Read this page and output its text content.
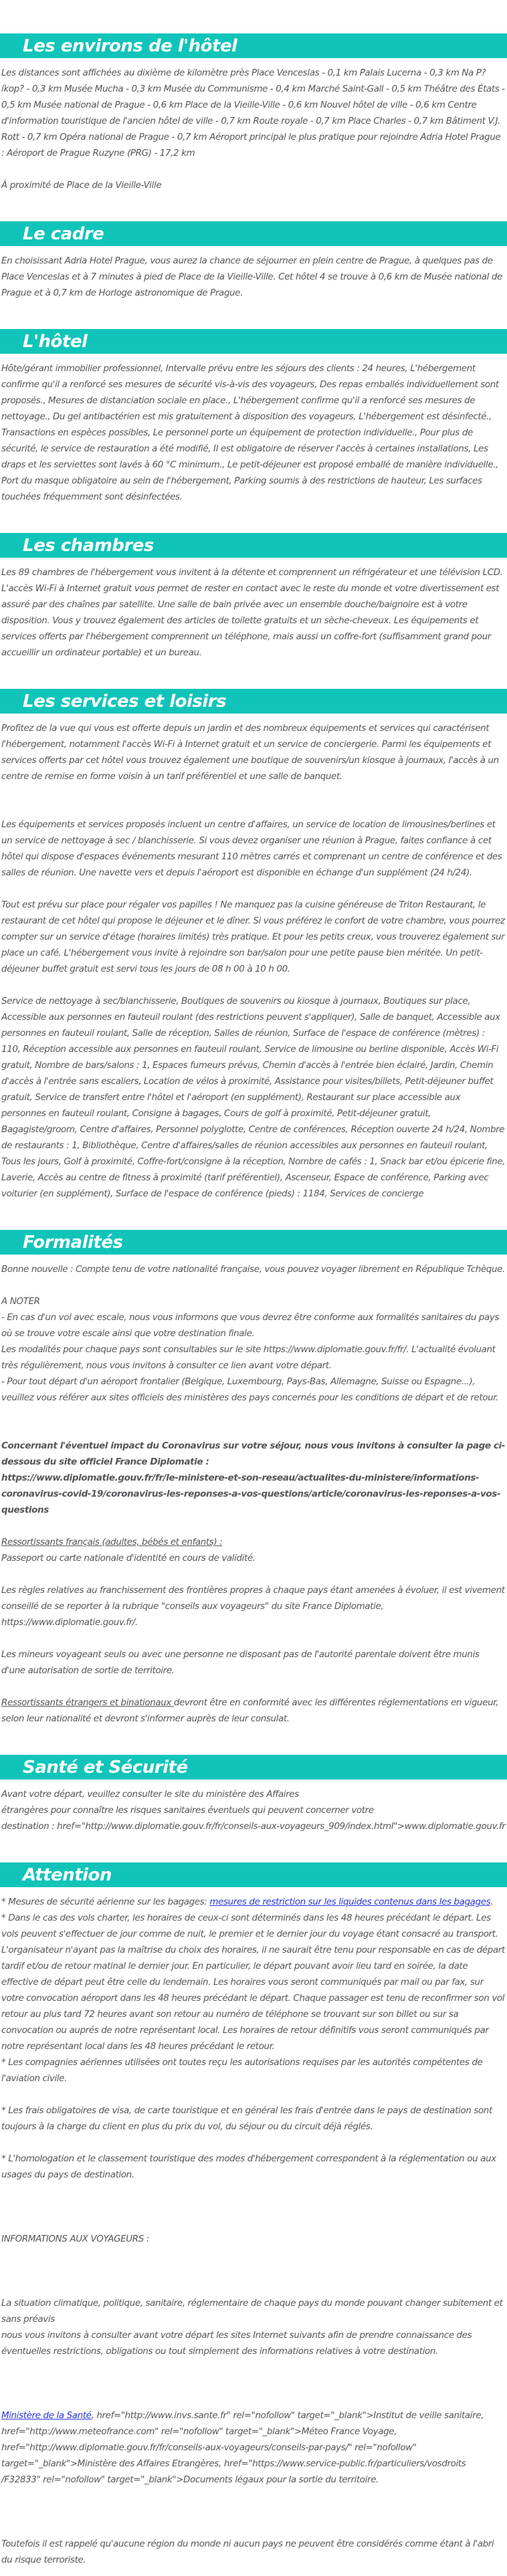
Les environs de l'hôtel

Les distances sont affichées au dixième de kilomètre près Place Venceslas - 0,1 km Palais Lucerna - 0,3 km Na P?íkop? - 0,3 km Musée Mucha - 0,3 km Musée du Communisme - 0,4 km Marché Saint-Gall - 0,5 km Théâtre des États - 0,5 km Musée national de Prague - 0,6 km Place de la Vieille-Ville - 0,6 km Nouvel hôtel de ville - 0,6 km Centre d'information touristique de l'ancien hôtel de ville - 0,7 km Route royale - 0,7 km Place Charles - 0,7 km Bâtiment V.J. Rott - 0,7 km Opéra national de Prague - 0,7 km Aéroport principal le plus pratique pour rejoindre Adria Hotel Prague : Aéroport de Prague Ruzyne (PRG) - 17,2 km

À proximité de Place de la Vieille-Ville

Le cadre

En choisissant Adria Hotel Prague, vous aurez la chance de séjourner en plein centre de Prague, à quelques pas de Place Venceslas et à 7 minutes à pied de Place de la Vieille-Ville. Cet hôtel 4 se trouve à 0,6 km de Musée national de Prague et à 0,7 km de Horloge astronomique de Prague.

L'hôtel

Hôte/gérant immobilier professionnel, Intervalle prévu entre les séjours des clients : 24 heures, L'hébergement confirme qu'il a renforcé ses mesures de sécurité vis-à-vis des voyageurs, Des repas emballés individuellement sont proposés., Mesures de distanciation sociale en place., L'hébergement confirme qu'il a renforcé ses mesures de nettoyage., Du gel antibactérien est mis gratuitement à disposition des voyageurs, L'hébergement est désinfecté., Transactions en espèces possibles, Le personnel porte un équipement de protection individuelle., Pour plus de sécurité, le service de restauration a été modifié, Il est obligatoire de réserver l'accès à certaines installations, Les draps et les serviettes sont lavés à 60 °C minimum., Le petit-déjeuner est proposé emballé de manière individuelle., Port du masque obligatoire au sein de l'hébergement, Parking soumis à des restrictions de hauteur, Les surfaces touchées fréquemment sont désinfectées.

Les chambres

Les 89 chambres de l'hébergement vous invitent à la détente et comprennent un réfrigérateur et une télévision LCD. L'accès Wi-Fi à Internet gratuit vous permet de rester en contact avec le reste du monde et votre divertissement est assuré par des chaînes par satellite. Une salle de bain privée avec un ensemble douche/baignoire est à votre disposition. Vous y trouvez également des articles de toilette gratuits et un sèche-cheveux. Les équipements et services offerts par l'hébergement comprennent un téléphone, mais aussi un coffre-fort (suffisamment grand pour accueillir un ordinateur portable) et un bureau.

Les services et loisirs

Profitez de la vue qui vous est offerte depuis un jardin et des nombreux équipements et services qui caractérisent l'hébergement, notamment l'accès Wi-Fi à Internet gratuit et un service de conciergerie. Parmi les équipements et services offerts par cet hôtel vous trouvez également une boutique de souvenirs/un kiosque à journaux, l'accès à un centre de remise en forme voisin à un tarif préférentiel et une salle de banquet.

Les équipements et services proposés incluent un centre d'affaires, un service de location de limousines/berlines et un service de nettoyage à sec / blanchisserie. Si vous devez organiser une réunion à Prague, faites confiance à cet hôtel qui dispose d'espaces événements mesurant 110 mètres carrés et comprenant un centre de conférence et des salles de réunion. Une navette vers et depuis l'aéroport est disponible en échange d'un supplément (24 h/24).

Tout est prévu sur place pour régaler vos papilles ! Ne manquez pas la cuisine généreuse de Triton Restaurant, le restaurant de cet hôtel qui propose le déjeuner et le dîner. Si vous préférez le confort de votre chambre, vous pourrez compter sur un service d'étage (horaires limités) très pratique. Et pour les petits creux, vous trouverez également sur place un café. L'hébergement vous invite à rejoindre son bar/salon pour une petite pause bien méritée. Un petit-déjeuner buffet gratuit est servi tous les jours de 08 h 00 à 10 h 00.

Service de nettoyage à sec/blanchisserie, Boutiques de souvenirs ou kiosque à journaux, Boutiques sur place, Accessible aux personnes en fauteuil roulant (des restrictions peuvent s'appliquer), Salle de banquet, Accessible aux personnes en fauteuil roulant, Salle de réception, Salles de réunion, Surface de l'espace de conférence (mètres) : 110, Réception accessible aux personnes en fauteuil roulant, Service de limousine ou berline disponible, Accès Wi-Fi gratuit, Nombre de bars/salons : 1, Espaces fumeurs prévus, Chemin d'accès à l'entrée bien éclairé, Jardin, Chemin d'accès à l'entrée sans escaliers, Location de vélos à proximité, Assistance pour visites/billets, Petit-déjeuner buffet gratuit, Service de transfert entre l'hôtel et l'aéroport (en supplément), Restaurant sur place accessible aux personnes en fauteuil roulant, Consigne à bagages, Cours de golf à proximité, Petit-déjeuner gratuit, Bagagiste/groom, Centre d'affaires, Personnel polyglotte, Centre de conférences, Réception ouverte 24 h/24, Nombre de restaurants : 1, Bibliothèque, Centre d'affaires/salles de réunion accessibles aux personnes en fauteuil roulant, Tous les jours, Golf à proximité, Coffre-fort/consigne à la réception, Nombre de cafés : 1, Snack bar et/ou épicerie fine, Laverie, Accès au centre de fitness à proximité (tarif préférentiel), Ascenseur, Espace de conférence, Parking avec voiturier (en supplément), Surface de l'espace de conférence (pieds) : 1184, Services de concierge

Formalités

Bonne nouvelle : Compte tenu de votre nationalité française, vous pouvez voyager librement en République Tchèque.

A NOTER

- En cas d'un vol avec escale, nous vous informons que vous devrez être conforme aux formalités sanitaires du pays où se trouve votre escale ainsi que votre destination finale.

Les modalités pour chaque pays sont consultables sur le site https://www.diplomatie.gouv.fr/fr/. L'actualité évoluant très régulièrement, nous vous invitons à consulter ce lien avant votre départ.

- Pour tout départ d'un aéroport frontalier (Belgique, Luxembourg, Pays-Bas, Allemagne, Suisse ou Espagne...), veuillez vous référer aux sites officiels des ministères des pays concernés pour les conditions de départ et de retour.

Concernant l'éventuel impact du Coronavirus sur votre séjour, nous vous invitons à consulter la page ci-dessous du site officiel France Diplomatie :

https://www.diplomatie.gouv.fr/fr/le-ministere-et-son-reseau/actualites-du-ministere/informations-coronavirus-covid-19/coronavirus-les-reponses-a-vos-questions/article/coronavirus-les-reponses-a-vos-questions

Ressortissants français (adultes, bébés et enfants) :

Passeport ou carte nationale d'identité en cours de validité.

Les règles relatives au franchissement des frontières propres à chaque pays étant amenées à évoluer, il est vivement conseillé de se reporter à la rubrique "conseils aux voyageurs" du site France Diplomatie,

https://www.diplomatie.gouv.fr/.

Les mineurs voyageant seuls ou avec une personne ne disposant pas de l'autorité parentale doivent être munis d'une autorisation de sortie de territoire.

Ressortissants étrangers et binationaux devront être en conformité avec les différentes réglementations en vigueur, selon leur nationalité et devront s'informer auprès de leur consulat.

Santé et Sécurité

Avant votre départ, veuillez consulter le site du ministère des Affaires

étrangères pour connaître les risques sanitaires éventuels qui peuvent concerner votre

destination : href="http://www.diplomatie.gouv.fr/fr/conseils-aux-voyageurs_909/index.html">www.diplomatie.gouv.fr

Attention

* Mesures de sécurité aérienne sur les bagages: mesures de restriction sur les liquides contenus dans les bagages.

* Dans le cas des vols charter, les horaires de ceux-ci sont déterminés dans les 48 heures précédant le départ. Les vols peuvent s'effectuer de jour comme de nuit, le premier et le dernier jour du voyage étant consacré au transport. L'organisateur n'ayant pas la maîtrise du choix des horaires, il ne saurait être tenu pour responsable en cas de départ tardif et/ou de retour matinal le dernier jour. En particulier, le départ pouvant avoir lieu tard en soirée, la date effective de départ peut être celle du lendemain. Les horaires vous seront communiqués par mail ou par fax, sur votre convocation aéroport dans les 48 heures précédant le départ. Chaque passager est tenu de reconfirmer son vol retour au plus tard 72 heures avant son retour au numéro de téléphone se trouvant sur son billet ou sur sa convocation ou auprés de notre représentant local. Les horaires de retour définitifs vous seront communiqués par notre représentant local dans les 48 heures précédant le retour.

* Les compagnies aériennes utilisées ont toutes reçu les autorisations requises par les autorités compétentes de l'aviation civile.

* Les frais obligatoires de visa, de carte touristique et en général les frais d'entrée dans le pays de destination sont toujours à la charge du client en plus du prix du vol, du séjour ou du circuit déjà réglés.

* L'homologation et le classement touristique des modes d'hébergement correspondent à la réglementation ou aux usages du pays de destination.

INFORMATIONS AUX VOYAGEURS :

La situation climatique, politique, sanitaire, réglementaire de chaque pays du monde pouvant changer subitement et sans préavis

nous vous invitons à consulter avant votre départ les sites Internet suivants afin de prendre connaissance des éventuelles restrictions, obligations ou tout simplement des informations relatives à votre destination.

Ministère de la Santé, href="http://www.invs.sante.fr" rel="nofollow" target="_blank">Institut de veille sanitaire, href="http://www.meteofrance.com" rel="nofollow" target="_blank">Méteo France Voyage, href="http://www.diplomatie.gouv.fr/fr/conseils-aux-voyageurs/conseils-par-pays/" rel="nofollow" target="_blank">Ministère des Affaires Etrangères, href="https://www.service-public.fr/particuliers/vosdroits /F32833" rel="nofollow" target="_blank">Documents légaux pour la sortie du territoire.

Toutefois il est rappelé qu'aucune région du monde ni aucun pays ne peuvent être considérés comme étant à l'abri du risque terroriste.
